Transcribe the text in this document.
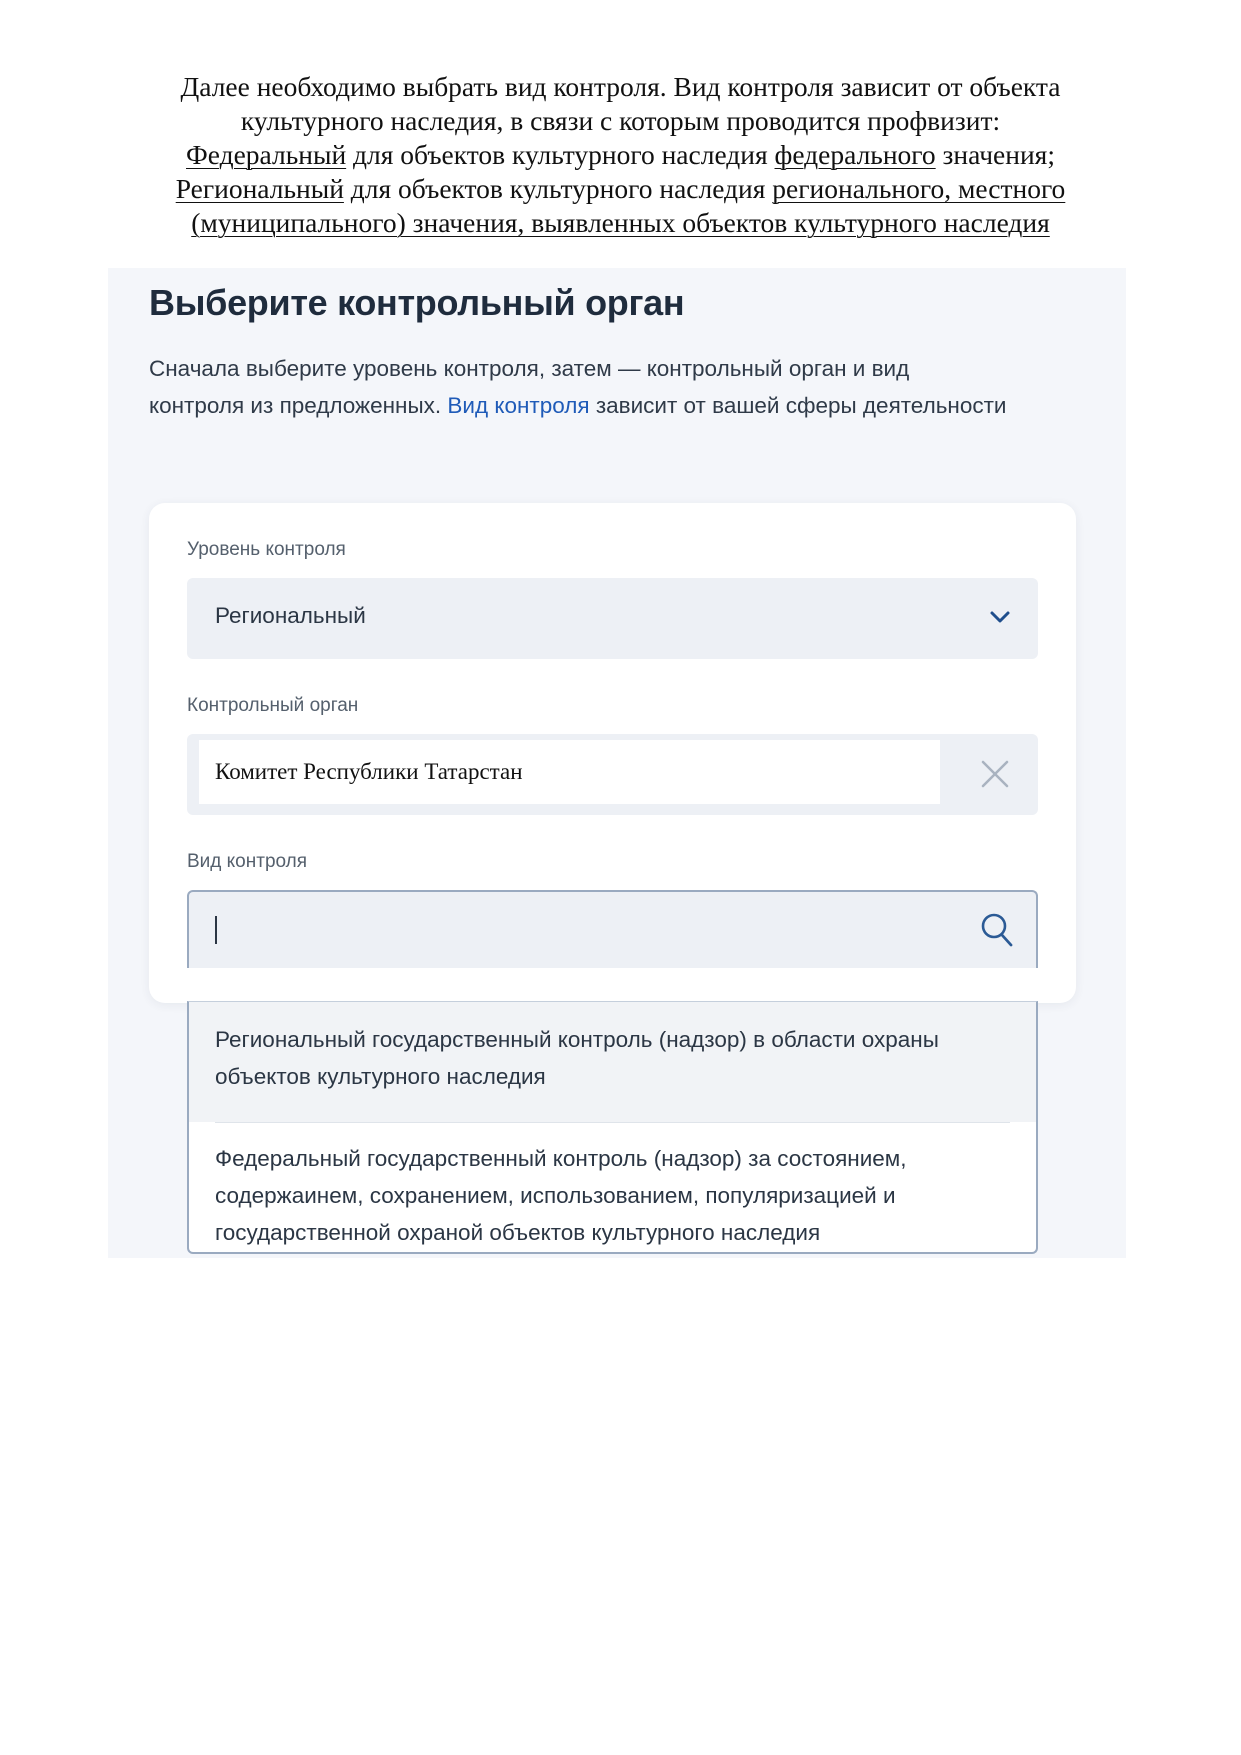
Далее необходимо выбрать вид контроля. Вид контроля зависит от объекта
культурного наследия, в связи с которым проводится профвизит:
Федеральный для объектов культурного наследия федерального значения;
Региональный для объектов культурного наследия регионального, местного
(муниципального) значения, выявленных объектов культурного наследия
Выберите контрольный орган

Сначала выберите уровень контроля, затем — контрольный орган и вид контроля из предложенных. Вид контроля зависит от вашей сферы деятельности

Уровень контроля
Региональный
Контрольный орган
Комитет Республики Татарстан
Вид контроля
Региональный государственный контроль (надзор) в области охраны объектов культурного наследия
Федеральный государственный контроль (надзор) за состоянием, содержаинем, сохранением, использованием, популяризацией и государственной охраной объектов культурного наследия
